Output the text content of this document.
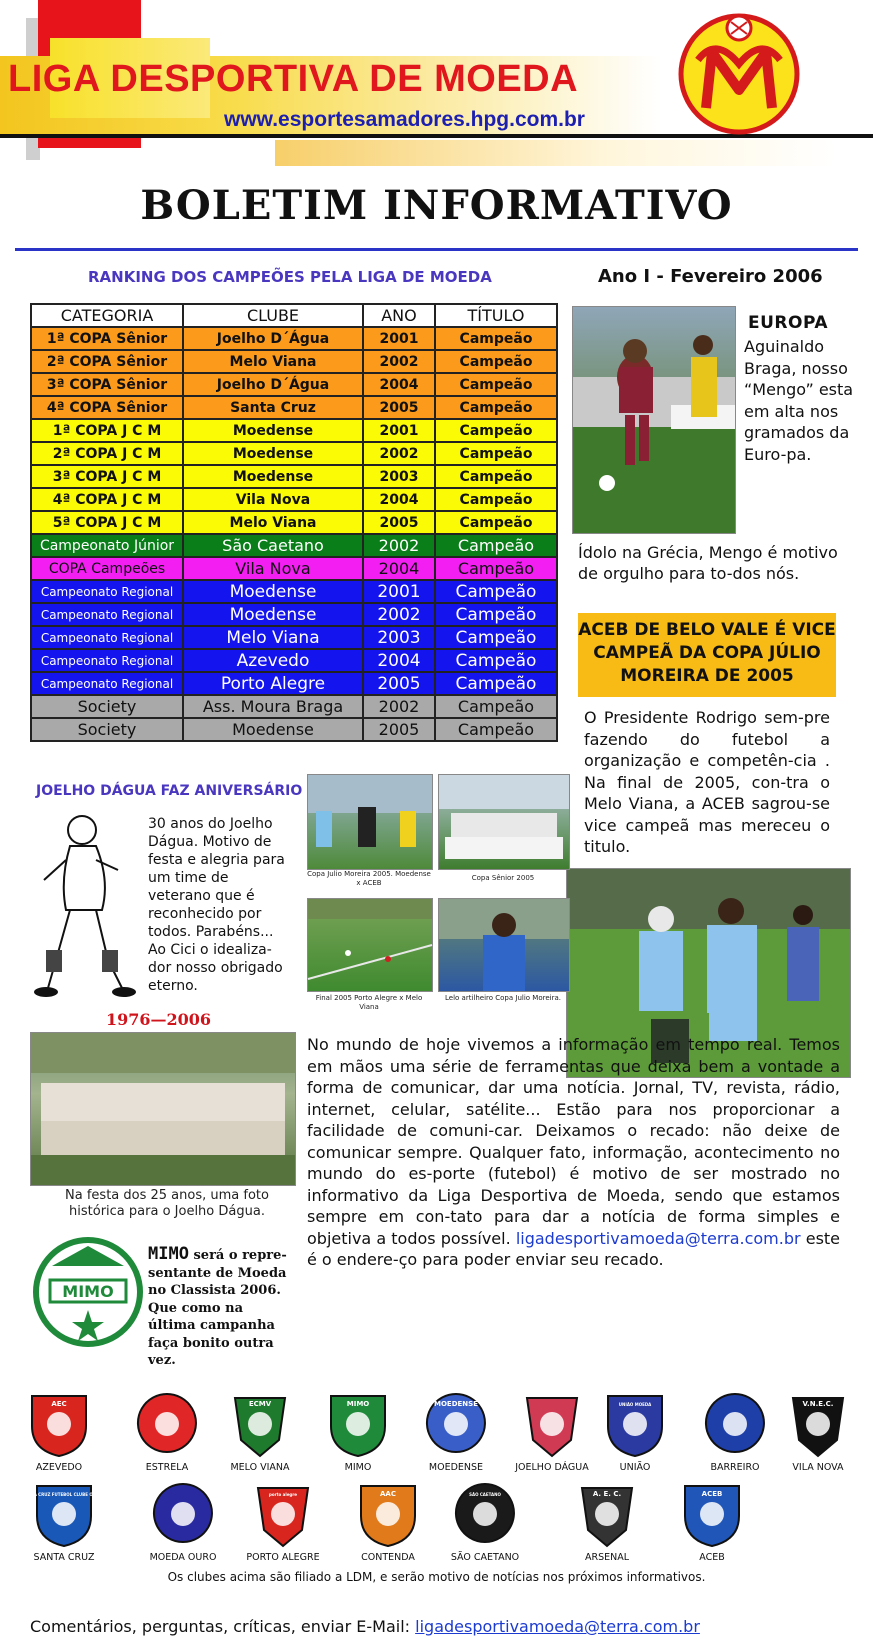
LIGA DESPORTIVA DE MOEDA
www.esportesamadores.hpg.com.br
BOLETIM INFORMATIVO
RANKING DOS CAMPEÕES PELA LIGA DE MOEDA	Ano I - Fevereiro 2006
CATEGORIA	CLUBE	ANO	TÍTULO
1ª COPA Sênior	Joelho D´Água	2001	Campeão
2ª COPA Sênior	Melo Viana	2002	Campeão
3ª COPA Sênior	Joelho D´Água	2004	Campeão
4ª COPA Sênior	Santa Cruz	2005	Campeão
1ª COPA J C M	Moedense	2001	Campeão
2ª COPA J C M	Moedense	2002	Campeão
3ª COPA J C M	Moedense	2003	Campeão
4ª COPA J C M	Vila Nova	2004	Campeão
5ª COPA J C M	Melo Viana	2005	Campeão
Campeonato Júnior	São Caetano	2002	Campeão
COPA Campeões	Vila Nova	2004	Campeão
Campeonato Regional	Moedense	2001	Campeão
Campeonato Regional	Moedense	2002	Campeão
Campeonato Regional	Melo Viana	2003	Campeão
Campeonato Regional	Azevedo	2004	Campeão
Campeonato Regional	Porto Alegre	2005	Campeão
Society	Ass. Moura Braga	2002	Campeão
Society	Moedense	2005	Campeão
EUROPA
Aguinaldo Braga, nosso “Mengo” esta em alta nos gramados da Euro-pa.
Ídolo na Grécia, Mengo é motivo de orgulho para to-dos nós.
ACEB DE BELO VALE É VICE CAMPEÃ DA COPA JÚLIO MOREIRA DE 2005
O Presidente Rodrigo sem-pre fazendo do futebol a organização e competên-cia . Na final de 2005, con-tra o Melo Viana, a ACEB sagrou-se vice campeã mas mereceu o titulo.
Copa Julio Moreira 2005. Moedense x ACEB
Copa Sênior 2005
Final 2005 Porto Alegre x Melo Viana
Lelo artilheiro Copa Julio Moreira.
JOELHO DÁGUA FAZ ANIVERSÁRIO
30 anos do Joelho Dágua. Motivo de festa e alegria para um time de veterano que é reconhecido por todos. Parabéns... Ao Cici o idealiza-dor nosso obrigado eterno.
1976—2006
Na festa dos 25 anos, uma foto histórica para o Joelho Dágua.
No mundo de hoje vivemos a informação em tempo real. Temos em mãos uma série de ferramentas que deixa bem a vontade a forma de comunicar, dar uma notícia. Jornal, TV, revista, rádio, internet, celular, satélite... Estão para nos proporcionar a facilidade de comuni-car. Deixamos o recado: não deixe de comunicar sempre. Qualquer fato, informação, acontecimento no mundo do es-porte (futebol) é motivo de ser mostrado no informativo da Liga Desportiva de Moeda, sendo que estamos sempre em con-tato para dar a notícia de forma simples e objetiva a todos possível. ligadesportivamoeda@terra.com.br este é o endere-ço para poder enviar seu recado.
MIMO
MIMO será o repre-sentante de Moeda no Classista 2006. Que como na última campanha faça bonito outra vez.
AEC
AZEVEDO	ESTRELA
ECMV
MELO VIANA
MIMO
MIMO
MOEDENSE
MOEDENSE	JOELHO DÁGUA
UNIÃO MOEDA
UNIÃO	BARREIRO
V.N.E.C.
VILA NOVA
SANTA CRUZ FUTEBOL CLUBE OLARIA
SANTA CRUZ	MOEDA OURO
porto alegre
PORTO ALEGRE
AAC
CONTENDA
SÃO CAETANO
SÃO CAETANO
A. E. C.
ARSENAL
ACEB
ACEB
Os clubes acima são filiado a LDM, e serão motivo de notícias nos próximos informativos.
Comentários, perguntas, críticas, enviar E-Mail: ligadesportivamoeda@terra.com.br
